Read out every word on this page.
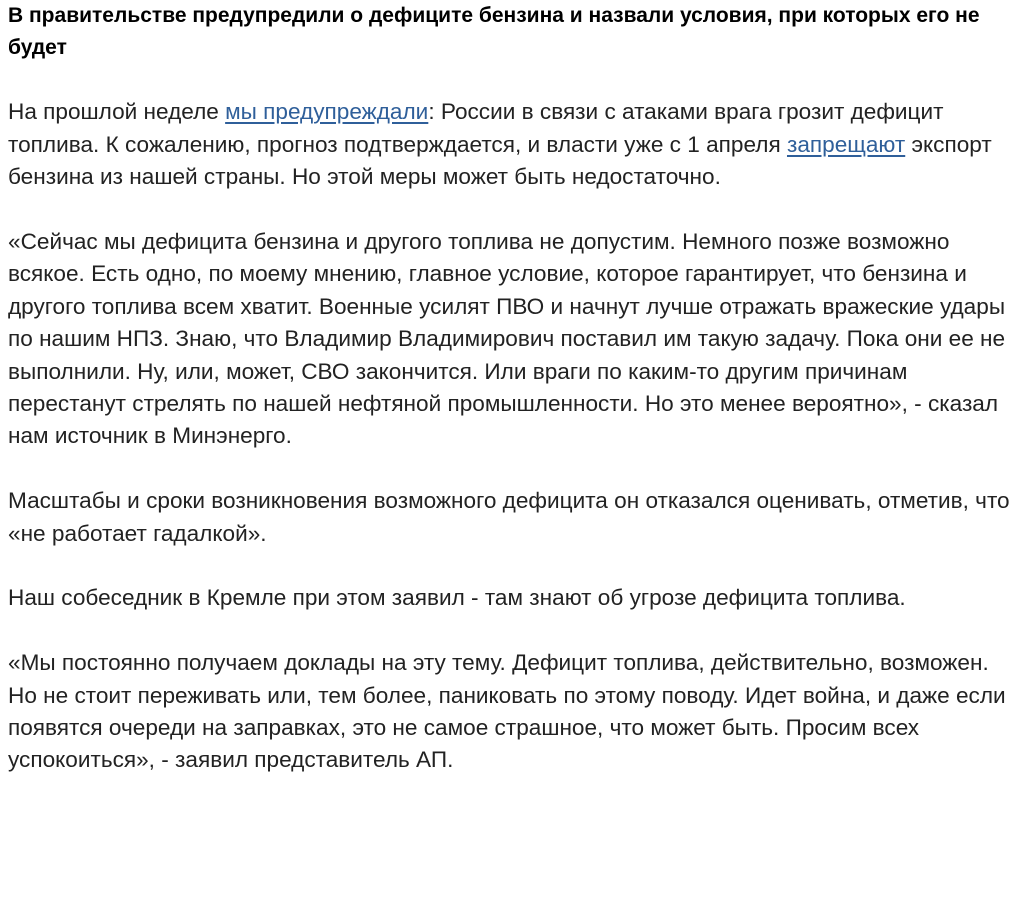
В правительстве предупредили о дефиците бензина и назвали условия, при которых его не будет

На прошлой неделе мы предупреждали: России в связи с атаками врага грозит дефицит топлива. К сожалению, прогноз подтверждается, и власти уже с 1 апреля запрещают экспорт бензина из нашей страны. Но этой меры может быть недостаточно.

«Сейчас мы дефицита бензина и другого топлива не допустим. Немного позже возможно всякое. Есть одно, по моему мнению, главное условие, которое гарантирует, что бензина и другого топлива всем хватит. Военные усилят ПВО и начнут лучше отражать вражеские удары по нашим НПЗ. Знаю, что Владимир Владимирович поставил им такую задачу. Пока они ее не выполнили. Ну, или, может, СВО закончится. Или враги по каким-то другим причинам перестанут стрелять по нашей нефтяной промышленности. Но это менее вероятно», - сказал нам источник в Минэнерго.

Масштабы и сроки возникновения возможного дефицита он отказался оценивать, отметив, что «не работает гадалкой».

Наш собеседник в Кремле при этом заявил - там знают об угрозе дефицита топлива.

«Мы постоянно получаем доклады на эту тему. Дефицит топлива, действительно, возможен. Но не стоит переживать или, тем более, паниковать по этому поводу. Идет война, и даже если появятся очереди на заправках, это не самое страшное, что может быть. Просим всех успокоиться», - заявил представитель АП.
